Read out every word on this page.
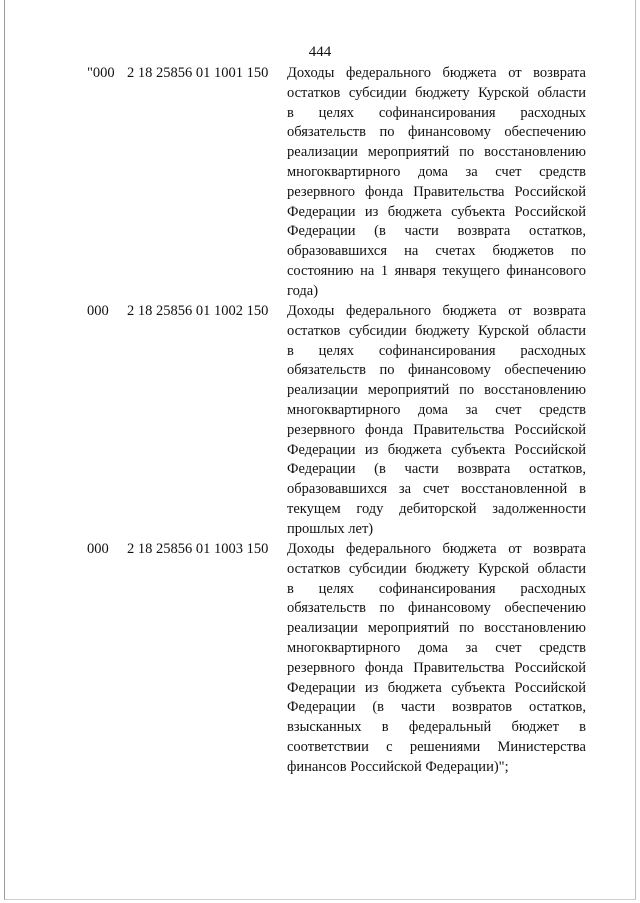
444
"000 2 18 25856 01 1001 150 Доходы федерального бюджета от возврата
остатков субсидии бюджету Курской области
в целях софинансирования расходных
обязательств по финансовому обеспечению
реализации мероприятий по восстановлению
многоквартирного дома за счет средств
резервного фонда Правительства Российской
Федерации из бюджета субъекта Российской
Федерации (в части возврата остатков,
образовавшихся на счетах бюджетов по
состоянию на 1 января текущего финансового
года)
000 2 18 25856 01 1002 150 Доходы федерального бюджета от возврата
остатков субсидии бюджету Курской области
в целях софинансирования расходных
обязательств по финансовому обеспечению
реализации мероприятий по восстановлению
многоквартирного дома за счет средств
резервного фонда Правительства Российской
Федерации из бюджета субъекта Российской
Федерации (в части возврата остатков,
образовавшихся за счет восстановленной в
текущем году дебиторской задолженности
прошлых лет)
000 2 18 25856 01 1003 150 Доходы федерального бюджета от возврата
остатков субсидии бюджету Курской области
в целях софинансирования расходных
обязательств по финансовому обеспечению
реализации мероприятий по восстановлению
многоквартирного дома за счет средств
резервного фонда Правительства Российской
Федерации из бюджета субъекта Российской
Федерации (в части возвратов остатков,
взысканных в федеральный бюджет в
соответствии с решениями Министерства
финансов Российской Федерации)";
